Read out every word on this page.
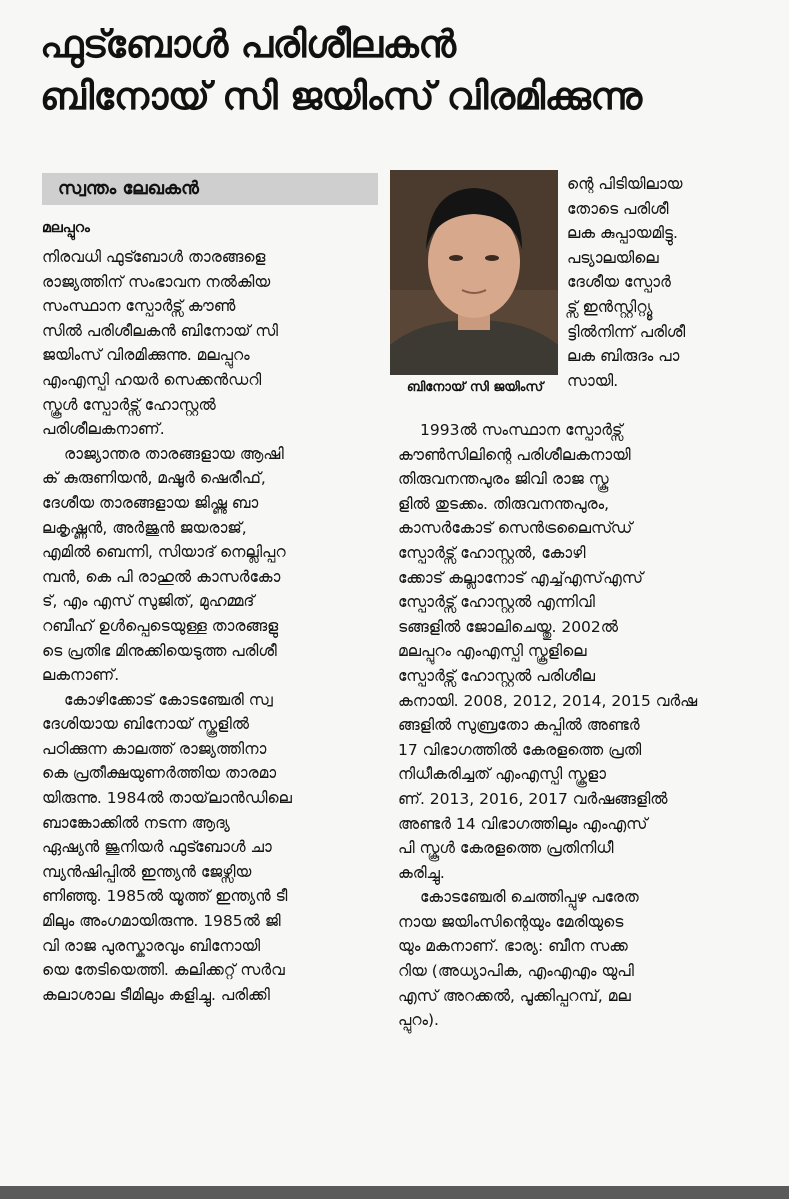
ഫുട്ബോൾ പരിശീലകൻ
ബിനോയ് സി ജയിംസ് വിരമിക്കുന്നു
സ്വന്തം ലേഖകൻ
മലപ്പുറം
നിരവധി ഫുട്ബോൾ താരങ്ങളെ
രാജ്യത്തിന് സംഭാവന നൽകിയ
സംസ്ഥാന സ്പോർട്സ് കൗൺ
സിൽ പരിശീലകൻ ബിനോയ് സി
ജയിംസ് വിരമിക്കുന്നു. മലപ്പുറം
എംഎസ്പി ഹയർ സെക്കൻഡറി
സ്കൂൾ സ്പോർട്സ് ഹോസ്റ്റൽ
പരിശീലകനാണ്.
രാജ്യാന്തര താരങ്ങളായ ആഷി
ക് കുരുണിയൻ, മഷൂർ ഷെരീഫ്,
ദേശീയ താരങ്ങളായ ജിഷ്ണു ബാ
ലകൃഷ്ണൻ, അർജുൻ ജയരാജ്,
എമിൽ ബെന്നി, സിയാദ് നെല്ലിപ്പറ
മ്പൻ, കെ പി രാഹുൽ കാസർകോ
ട്, എം എസ് സുജിത്, മുഹമ്മദ്
റബീഹ് ഉൾപ്പെടെയുള്ള താരങ്ങളു
ടെ പ്രതിഭ മിനുക്കിയെടുത്ത പരിശീ
ലകനാണ്.
കോഴിക്കോട് കോടഞ്ചേരി സ്വ
ദേശിയായ ബിനോയ് സ്കൂളിൽ
പഠിക്കുന്ന കാലത്ത് രാജ്യത്തിനാ
കെ പ്രതീക്ഷയുണർത്തിയ താരമാ
യിരുന്നു. 1984ൽ തായ്‌ലാൻഡിലെ
ബാങ്കോക്കിൽ നടന്ന ആദ്യ
ഏഷ്യൻ ജൂനിയർ ഫുട്ബോൾ ചാ
മ്പ്യൻഷിപ്പിൽ ഇന്ത്യൻ ജേഴ്സിയ
ണിഞ്ഞു. 1985ൽ യൂത്ത് ഇന്ത്യൻ ടീ
മിലും അംഗമായിരുന്നു. 1985ൽ ജി
വി രാജ പുരസ്കാരവും ബിനോയി
യെ തേടിയെത്തി. കലിക്കറ്റ് സർവ
കലാശാല ടീമിലും കളിച്ചു. പരിക്കി
ബിനോയ് സി ജയിംസ്
ന്റെ പിടിയിലായ
തോടെ പരിശീ
ലക കുപ്പായമിട്ടു.
പട്യാലയിലെ
ദേശീയ സ്പോർ
ട്സ് ഇൻസ്റ്റിറ്റ്യൂ
ട്ടിൽനിന്ന് പരിശീ
ലക ബിരുദം പാ
സായി.
1993ൽ സംസ്ഥാന സ്പോർട്സ്
കൗൺസിലിന്റെ പരിശീലകനായി
തിരുവനന്തപുരം ജിവി രാജ സ്കൂ
ളിൽ തുടക്കം. തിരുവനന്തപുരം,
കാസർകോട് സെൻട്രലൈസ്ഡ്
സ്പോർട്സ് ഹോസ്റ്റൽ, കോഴി
ക്കോട് കല്ലാനോട് എച്ച്എസ്എസ്
സ്പോർട്സ് ഹോസ്റ്റൽ എന്നിവി
ടങ്ങളിൽ ജോലിചെയ്തു. 2002ൽ
മലപ്പുറം എംഎസ്പി സ്കൂളിലെ
സ്പോർട്സ് ഹോസ്റ്റൽ പരിശീല
കനായി. 2008, 2012, 2014, 2015 വർഷ
ങ്ങളിൽ സുബ്രതോ കപ്പിൽ അണ്ടർ
17 വിഭാഗത്തിൽ കേരളത്തെ പ്രതി
നിധീകരിച്ചത് എംഎസ്പി സ്കൂളാ
ണ്. 2013, 2016, 2017 വർഷങ്ങളിൽ
അണ്ടർ 14 വിഭാഗത്തിലും എംഎസ്
പി സ്കൂൾ കേരളത്തെ പ്രതിനിധീ
കരിച്ചു.
കോടഞ്ചേരി ചെത്തിപ്പുഴ പരേത
നായ ജയിംസിന്റെയും മേരിയുടെ
യും മകനാണ്. ഭാര്യ: ബീന സക്ക
റിയ (അധ്യാപിക, എംഎഎം യുപി
എസ് അറക്കൽ, പൂക്കിപ്പറമ്പ്, മല
പ്പുറം).
